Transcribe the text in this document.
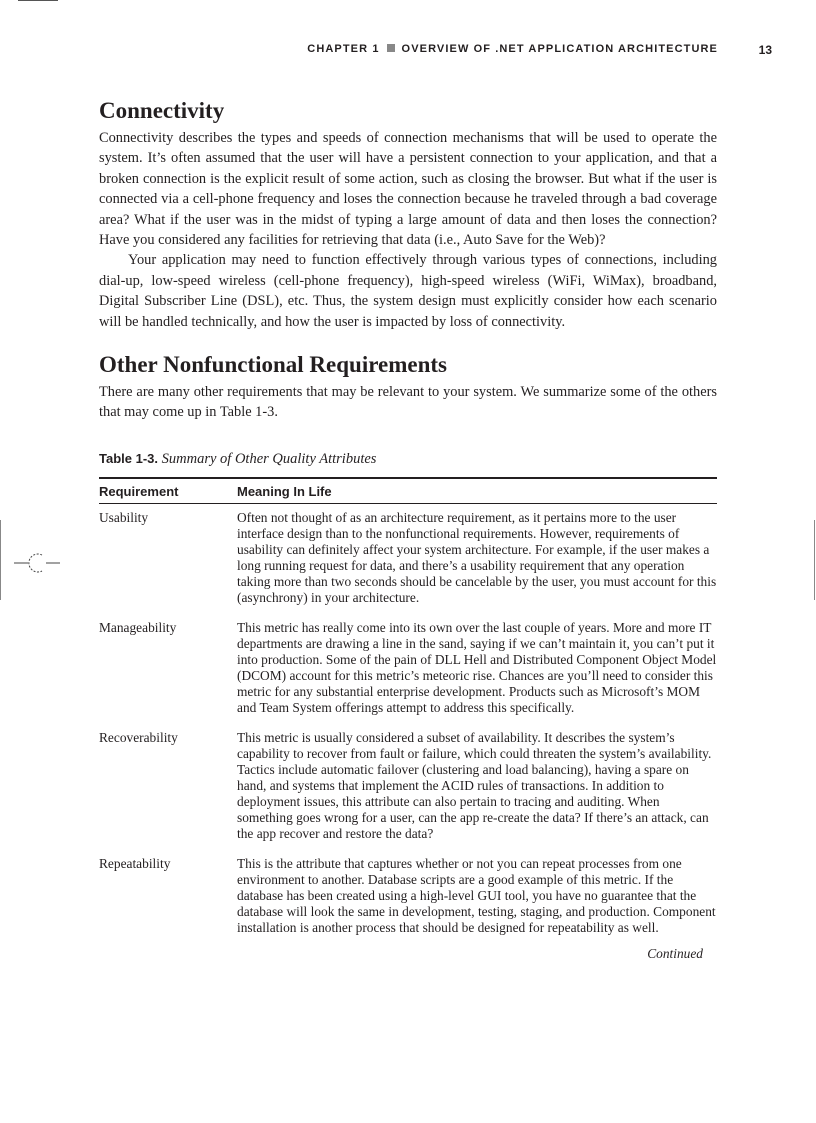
CHAPTER 1 OVERVIEW OF .NET APPLICATION ARCHITECTURE	13
Connectivity

Connectivity describes the types and speeds of connection mechanisms that will be used to operate the system. It’s often assumed that the user will have a persistent connection to your application, and that a broken connection is the explicit result of some action, such as closing the browser. But what if the user is connected via a cell-phone frequency and loses the connection because he traveled through a bad coverage area? What if the user was in the midst of typing a large amount of data and then loses the connection? Have you considered any facilities for retrieving that data (i.e., Auto Save for the Web)?

Your application may need to function effectively through various types of connections, including dial-up, low-speed wireless (cell-phone frequency), high-speed wireless (WiFi, WiMax), broadband, Digital Subscriber Line (DSL), etc. Thus, the system design must explicitly consider how each scenario will be handled technically, and how the user is impacted by loss of connectivity.

Other Nonfunctional Requirements

There are many other requirements that may be relevant to your system. We summarize some of the others that may come up in Table 1-3.

Table 1-3. Summary of Other Quality Attributes
Requirement	Meaning In Life
Usability	Often not thought of as an architecture requirement, as it pertains more to the user interface design than to the nonfunctional requirements. However, requirements of usability can definitely affect your system architecture. For example, if the user makes a long running request for data, and there’s a usability requirement that any operation taking more than two seconds should be cancelable by the user, you must account for this (asynchrony) in your architecture.
Manageability	This metric has really come into its own over the last couple of years. More and more IT departments are drawing a line in the sand, saying if we can’t maintain it, you can’t put it into production. Some of the pain of DLL Hell and Distributed Component Object Model (DCOM) account for this metric’s meteoric rise. Chances are you’ll need to consider this metric for any substantial enterprise development. Products such as Microsoft’s MOM and Team System offerings attempt to address this specifically.
Recoverability	This metric is usually considered a subset of availability. It describes the system’s capability to recover from fault or failure, which could threaten the system’s availability. Tactics include automatic failover (clustering and load balancing), having a spare on hand, and systems that implement the ACID rules of transactions. In addition to deployment issues, this attribute can also pertain to tracing and auditing. When something goes wrong for a user, can the app re-create the data? If there’s an attack, can the app recover and restore the data?
Repeatability	This is the attribute that captures whether or not you can repeat processes from one environment to another. Database scripts are a good example of this metric. If the database has been created using a high-level GUI tool, you have no guarantee that the database will look the same in development, testing, staging, and production. Component installation is another process that should be designed for repeatability as well.
Continued
